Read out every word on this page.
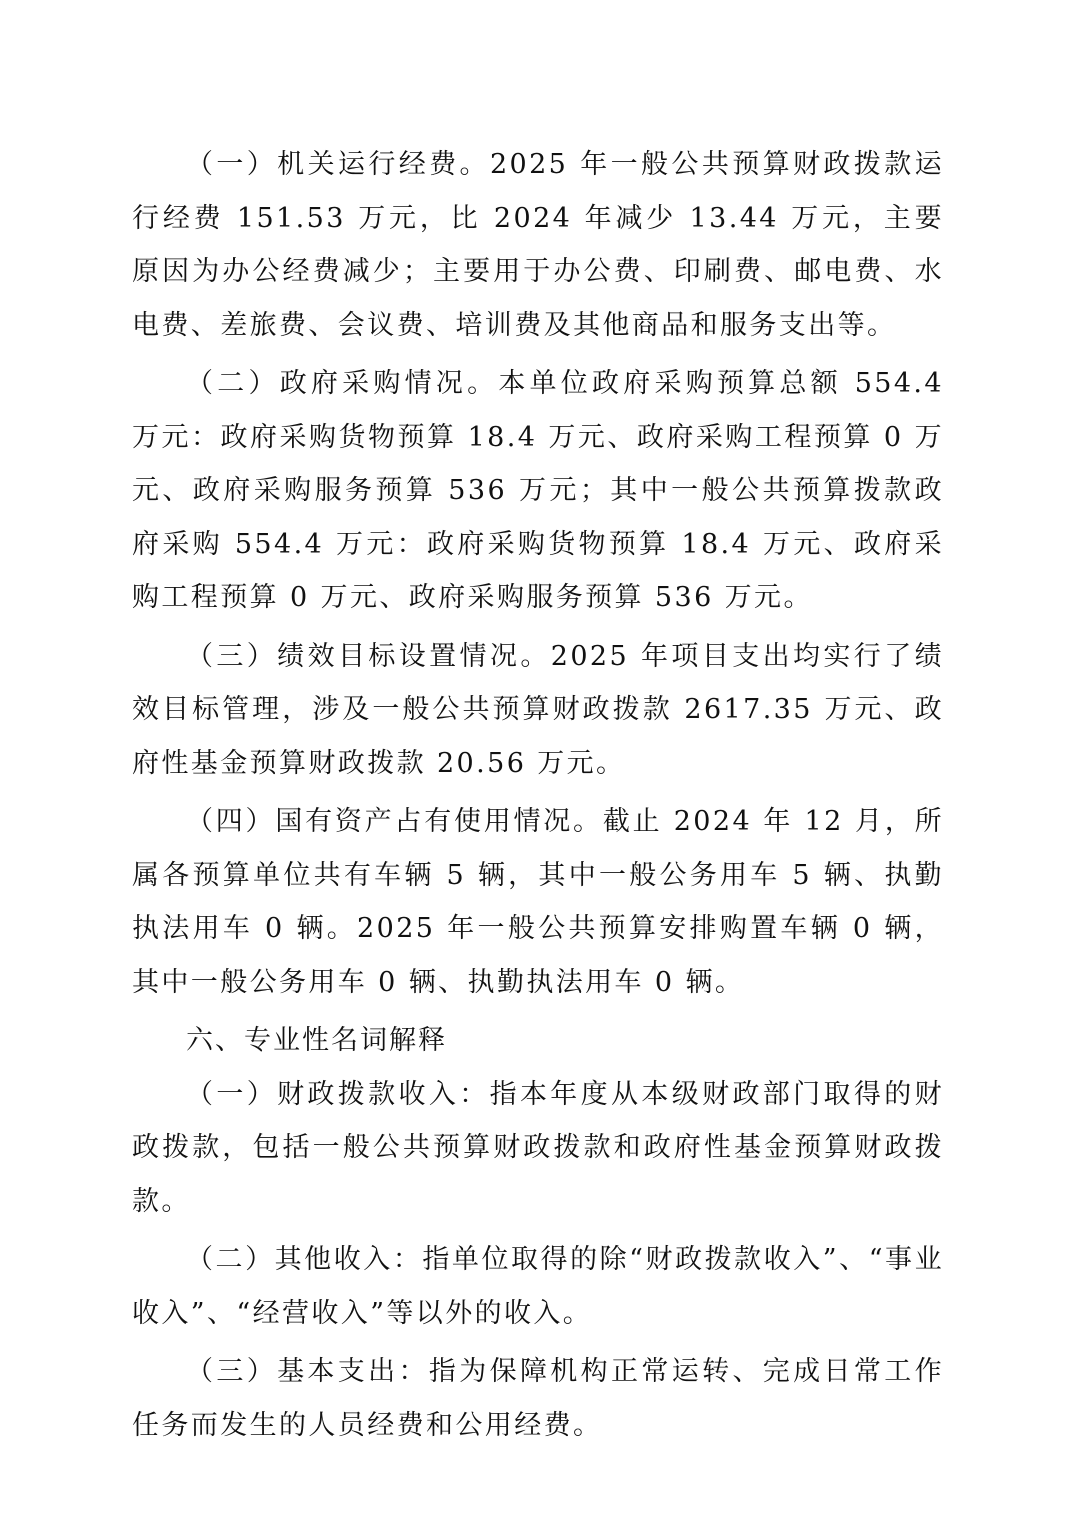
（一）机关运行经费。2025 年一般公共预算财政拨款运行经费 151.53 万元，比 2024 年减少 13.44 万元，主要原因为办公经费减少；主要用于办公费、印刷费、邮电费、水电费、差旅费、会议费、培训费及其他商品和服务支出等。

（二）政府采购情况。本单位政府采购预算总额 554.4 万元：政府采购货物预算 18.4 万元、政府采购工程预算 0 万元、政府采购服务预算 536 万元；其中一般公共预算拨款政府采购 554.4 万元：政府采购货物预算 18.4 万元、政府采购工程预算 0 万元、政府采购服务预算 536 万元。

（三）绩效目标设置情况。2025 年项目支出均实行了绩效目标管理，涉及一般公共预算财政拨款 2617.35 万元、政府性基金预算财政拨款 20.56 万元。

（四）国有资产占有使用情况。截止 2024 年 12 月，所属各预算单位共有车辆 5 辆，其中一般公务用车 5 辆、执勤执法用车 0 辆。2025 年一般公共预算安排购置车辆 0 辆，其中一般公务用车 0 辆、执勤执法用车 0 辆。

六、专业性名词解释

（一）财政拨款收入：指本年度从本级财政部门取得的财政拨款，包括一般公共预算财政拨款和政府性基金预算财政拨款。

（二）其他收入：指单位取得的除“财政拨款收入”、“事业收入”、“经营收入”等以外的收入。

（三）基本支出：指为保障机构正常运转、完成日常工作任务而发生的人员经费和公用经费。
